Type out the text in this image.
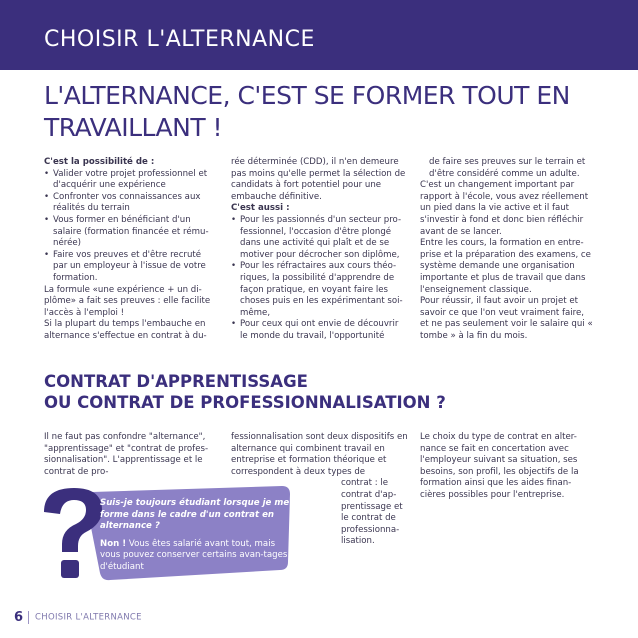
CHOISIR L'ALTERNANCE
L'ALTERNANCE, C'EST SE FORMER TOUT EN TRAVAILLANT !

C'est la possibilité de :

• Valider votre projet professionnel et d'acquérir une expérience
• Confronter vos connaissances aux réalités du terrain
• Vous former en bénéficiant d'un salaire (formation financée et rému-nérée)
• Faire vos preuves et d'être recruté par un employeur à l'issue de votre formation.

La formule «une expérience + un di-plôme» a fait ses preuves : elle facilite l'accès à l'emploi !

Si la plupart du temps l'embauche en alternance s'effectue en contrat à du-

rée déterminée (CDD), il n'en demeure pas moins qu'elle permet la sélection de candidats à fort potentiel pour une embauche définitive.

C'est aussi :

• Pour les passionnés d'un secteur pro-fessionnel, l'occasion d'être plongé dans une activité qui plaît et de se motiver pour décrocher son diplôme,
• Pour les réfractaires aux cours théo-riques, la possibilité d'apprendre de façon pratique, en voyant faire les choses puis en les expérimentant soi-même,
• Pour ceux qui ont envie de découvrir le monde du travail, l'opportunité

de faire ses preuves sur le terrain et d'être considéré comme un adulte.

C'est un changement important par rapport à l'école, vous avez réellement un pied dans la vie active et il faut s'investir à fond et donc bien réfléchir avant de se lancer.

Entre les cours, la formation en entre-prise et la préparation des examens, ce système demande une organisation importante et plus de travail que dans l'enseignement classique.

Pour réussir, il faut avoir un projet et savoir ce que l'on veut vraiment faire, et ne pas seulement voir le salaire qui « tombe » à la fin du mois.

CONTRAT D'APPRENTISSAGE
OU CONTRAT DE PROFESSIONNALISATION ?

Il ne faut pas confondre "alternance", "apprentissage" et "contrat de profes-sionnalisation". L'apprentissage et le contrat de pro-

fessionnalisation sont deux dispositifs en alternance qui combinent travail en entreprise et formation théorique et correspondent à deux types de

contrat : le contrat d'ap-prentissage et le contrat de professionna-lisation.

Le choix du type de contrat en alter-nance se fait en concertation avec l'employeur suivant sa situation, ses besoins, son profil, les objectifs de la formation ainsi que les aides finan-cières possibles pour l'entreprise.

Suis-je toujours étudiant lorsque je me forme dans le cadre d'un contrat en alternance ?

Non ! Vous êtes salarié avant tout, mais vous pouvez conserver certains avan-tages d'étudiant

6 CHOISIR L'ALTERNANCE
